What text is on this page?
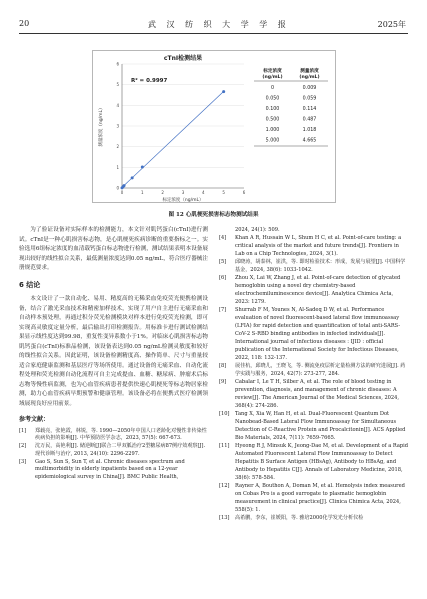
20	武 汉 纺 织 大 学 学 报	2025年
cTnI检测结果
0	1	2	3	4	5	6
0
1
2
3
4
5
6
标定浓度（ng/mL）
测量浓度（ng/mL）
R² = 0.9997
标定浓度
(ng/mL)
测量浓度
(ng/mL)
0	0.009
0.050	0.059
0.100	0.114
0.500	0.487
1.000	1.018
5.000	4.665
图 12 心肌梗死损害标志物测试结果

为了验证设备对实际样本的检测能力，本文针对肌钙蛋白(cTnI)进行测试。cTnI是一种心肌损害标志物，是心肌梗死疾病诊断的重要指标之一。实验选用6组标定浓度的血清载钙蛋白标志物进行检测，测试结果表明本设备展现出较好的线性拟合关系，最低测量浓度达到0.05 ng/mL，符合医疗器械注册规范要求。

6 结论

本文设计了一款自动化、易用、精度高的无稀采血免疫荧光便携检测设备，结合了激光采血技术和精密加样技术，实现了用户自主进行无痛采血和自动样本预处理，再通过积分荧光检测模块对样本进行免疫荧光检测，即可实现高灵敏度定量分析，最后输出打印检测报告。用标准卡进行测试检测结果显示线性度达到99.98，重复性变异系数小于1%。对临床心肌损害标志物肌钙蛋白(cTnI)标准品检测，该设备表达到0.05 ng/mL检测灵敏度和较好的线性拟合关系。因此证明，该设备检测精度高、操作简单、尺寸与重量较适合家庭健康监测和基层医疗等场所使用。通过设备的无痛采血、自动化流程处理和荧光检测自动化流程可自主完成提血、血糖、糖尿病、肿瘤术后标志物等慢性病监测，也为心血管疾病患者提供快速心肌梗死等标志物居家检测，助力心血管疾病早期预警和健康管理。该设备必将在便携式医疗检测领域展现良好应用前景。

参考文献：
[1]	郑载亮，张艳霞，林锐，等. 1990—2050年中国人口老龄化对慢性非传染性疾病负担的影响[J]. 中华预防医学杂志，2023, 57(5): 667-673.
[2]	沈万民，高艳利[J]. 储逆断[J]联合二甲双胍治疗2型糖尿病87例疗效观察[J]. 现代诊断与治疗, 2013, 24(10): 2296-2297.
[3]	Gao S, Sun S, Sun T, et al. Chronic diseases spectrum and multimorbidity in elderly inpatients based on a 12-year epidemiological survey in China[J]. BMC Public Health,
2024, 24(1): 509.
[4]	Khan A R, Hussain W L, Shum H C, et al. Point-of-care testing: a critical analysis of the market and future trends[J]. Frontiers in Lab on a Chip Technologies, 2024, 3(1).
[5]	邱晓涛，胡泰林，崔洪，等. 即时检验技术：形成，发展与展望[J]. 中国科学基金，2024, 38(6): 1033-1042.
[6]	Zhou X, Lai W, Zhang J, et al. Point-of-care detection of glycated hemoglobin using a novel dry chemistry-based electrochemiluminescence device[J]. Analytica Chimica Acta, 2023: 1279.
[7]	Shurrab F M, Younes N, Al-Sadeq D W, et al. Performance evaluation of novel fluorescent-based lateral flow immunoassay (LFIA) for rapid detection and quantification of total anti-SARS-CoV-2 S-RBD binding antibodies in infected individuals[J]. International journal of infectious diseases : IJID : official publication of the International Society for Infectious Diseases, 2022, 118: 132-137.
[8]	展佳杭，邱晓儿，王晓飞，等. 侧流免疫层析定量检测方法的研究进展[J]. 药学实践与服务，2024, 42(7): 273-277, 284.
[9]	Cabalar I, Le T H, Silber A, et al. The role of blood testing in prevention, diagnosis, and management of chronic diseases: A review[J]. The American Journal of the Medical Sciences, 2024, 368(4): 274-286.
[10]	Tang X, Xia W, Han H, et al. Dual-Fluorescent Quantum Dot Nanobead-Based Lateral Flow Immunoassay for Simultaneous Detection of C-Reactive Protein and Procalcitonin[J]. ACS Applied Bio Materials, 2024, 7(11): 7659-7665.
[11]	Hyeong R J, Minsuk K, Jeong-Dae M, et al. Development of a Rapid Automated Fluorescent Lateral Flow Immunoassay to Detect Hepatitis B Surface Antigen (HBsAg), Antibody to HBsAg, and Antibody to Hepatitis C[J]. Annals of Laboratory Medicine, 2018, 38(6): 578-584.
[12]	Rayner A, Bouthon A, Doman M, et al. Hemolysis index measured on Cobas Pro is a good surrogate to plasmatic hemoglobin measurement in clinical practice[J]. Clinica Chimica Acta, 2024, 558(5): 1.
[13]	高希鹏，李东，崔媛阳，等. 雅培2000化学发光分析仪检
